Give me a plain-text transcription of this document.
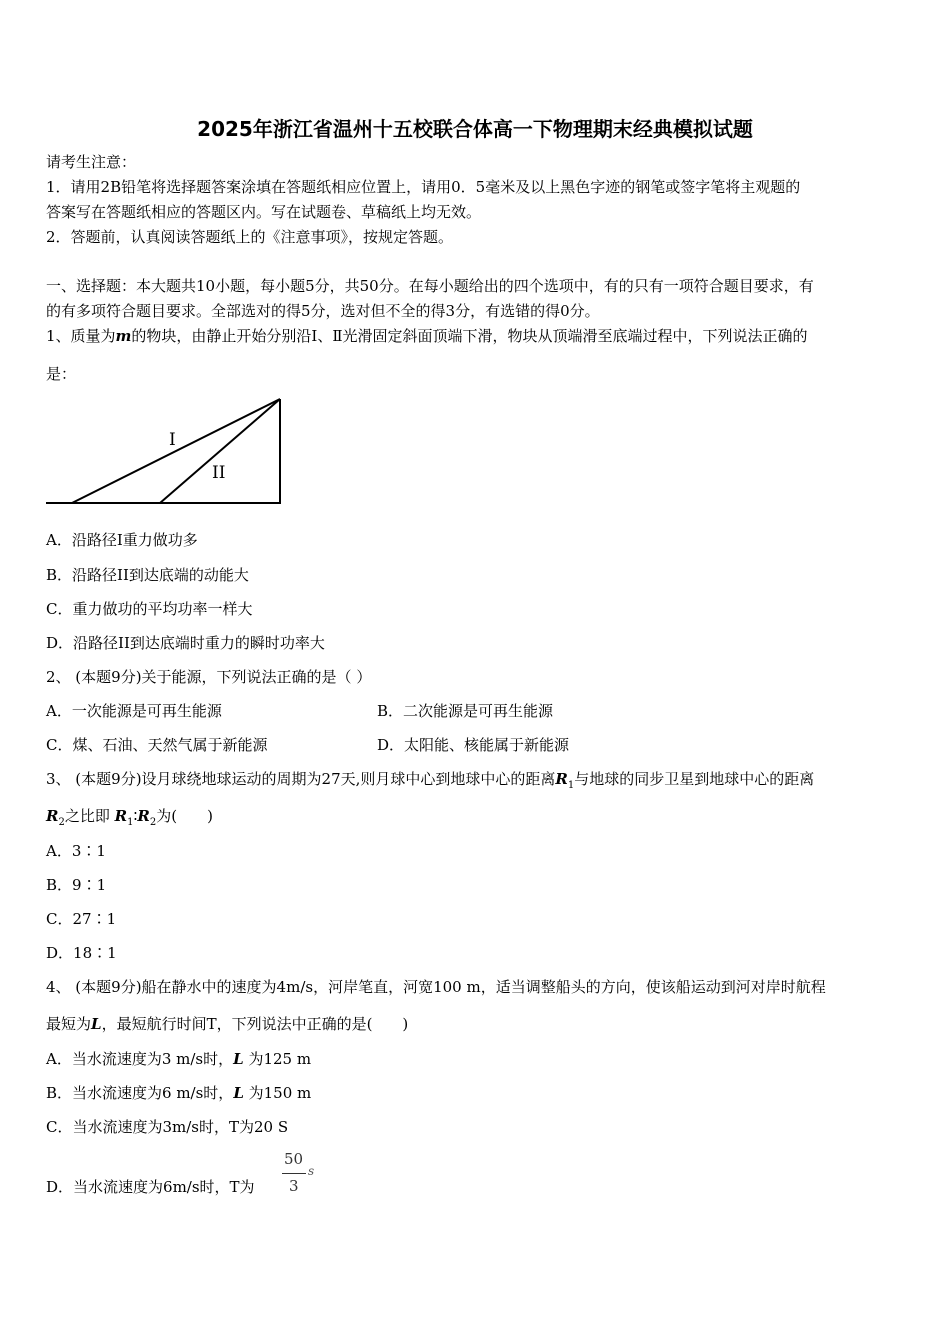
2025年浙江省温州十五校联合体高一下物理期末经典模拟试题
请考生注意：
1．请用2B铅笔将选择题答案涂填在答题纸相应位置上，请用0．5毫米及以上黑色字迹的钢笔或签字笔将主观题的
答案写在答题纸相应的答题区内。写在试题卷、草稿纸上均无效。
2．答题前，认真阅读答题纸上的《注意事项》，按规定答题。
一、选择题：本大题共10小题，每小题5分，共50分。在每小题给出的四个选项中，有的只有一项符合题目要求，有
的有多项符合题目要求。全部选对的得5分，选对但不全的得3分，有选错的得0分。
1、质量为m的物块，由静止开始分别沿Ⅰ、Ⅱ光滑固定斜面顶端下滑，物块从顶端滑至底端过程中，下列说法正确的
是：
I
II
A．沿路径Ⅰ重力做功多
B．沿路径II到达底端的动能大
C．重力做功的平均功率一样大
D．沿路径II到达底端时重力的瞬时功率大
2、 (本题9分)关于能源，下列说法正确的是（ ）
A．一次能源是可再生能源	B．二次能源是可再生能源
C．煤、石油、天然气属于新能源	D．太阳能、核能属于新能源
3、 (本题9分)设月球绕地球运动的周期为27天,则月球中心到地球中心的距离$R_1$与地球的同步卫星到地球中心的距离
$R_2$之比即 $R_1∶R_2$为(　　)
A．3∶1
B．9∶1
C．27∶1
D．18∶1
4、 (本题9分)船在静水中的速度为4m/s，河岸笔直，河宽100 m，适当调整船头的方向，使该船运动到河对岸时航程
最短为L，最短航行时间T，下列说法中正确的是(　　)
A．当水流速度为3 m/s时，L 为125 m
B．当水流速度为6 m/s时，L 为150 m
C．当水流速度为3m/s时，T为20 S
D．当水流速度为6m/s时，T为
50
3
s
